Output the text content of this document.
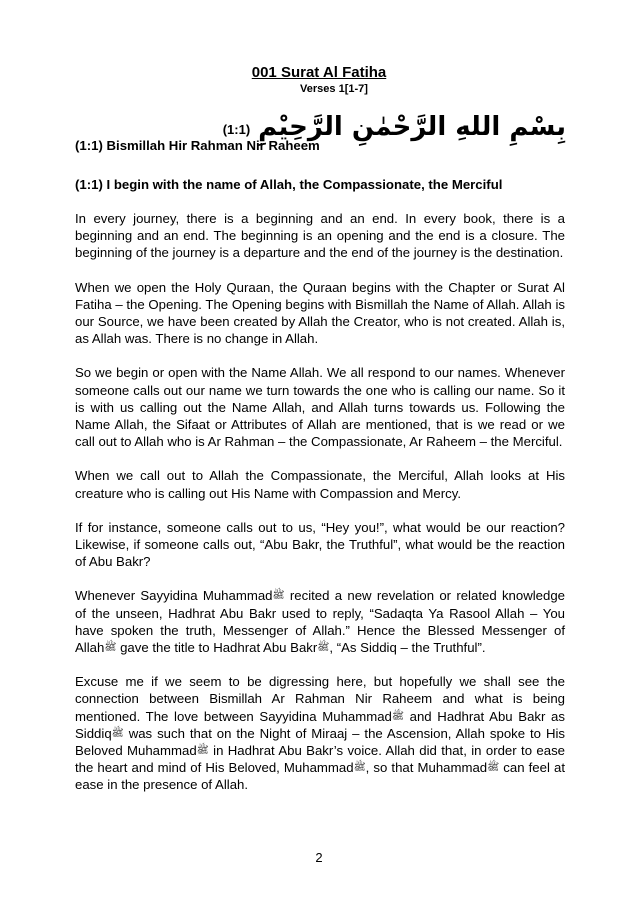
001 Surat Al Fatiha
Verses 1[1-7]
(1:1) بِسْمِ اللهِ الرَّحْمٰنِ الرَّحِيْمِ

(1:1) Bismillah Hir Rahman Nir Raheem

(1:1) I begin with the name of Allah, the Compassionate, the Merciful

In every journey, there is a beginning and an end. In every book, there is a beginning and an end. The beginning is an opening and the end is a closure. The beginning of the journey is a departure and the end of the journey is the destination.

When we open the Holy Quraan, the Quraan begins with the Chapter or Surat Al Fatiha – the Opening. The Opening begins with Bismillah the Name of Allah. Allah is our Source, we have been created by Allah the Creator, who is not created. Allah is, as Allah was. There is no change in Allah.

So we begin or open with the Name Allah. We all respond to our names. Whenever someone calls out our name we turn towards the one who is calling our name. So it is with us calling out the Name Allah, and Allah turns towards us. Following the Name Allah, the Sifaat or Attributes of Allah are mentioned, that is we read or we call out to Allah who is Ar Rahman – the Compassionate, Ar Raheem – the Merciful.

When we call out to Allah the Compassionate, the Merciful, Allah looks at His creature who is calling out His Name with Compassion and Mercy.

If for instance, someone calls out to us, “Hey you!”, what would be our reaction? Likewise, if someone calls out, “Abu Bakr, the Truthful”, what would be the reaction of Abu Bakr?

Whenever Sayyidina Muhammadﷺ recited a new revelation or related knowledge of the unseen, Hadhrat Abu Bakr used to reply, “Sadaqta Ya Rasool Allah – You have spoken the truth, Messenger of Allah.” Hence the Blessed Messenger of Allahﷺ gave the title to Hadhrat Abu Bakrﷺ, “As Siddiq – the Truthful”.

Excuse me if we seem to be digressing here, but hopefully we shall see the connection between Bismillah Ar Rahman Nir Raheem and what is being mentioned. The love between Sayyidina Muhammadﷺ and Hadhrat Abu Bakr as Siddiqﷺ was such that on the Night of Miraaj – the Ascension, Allah spoke to His Beloved Muhammadﷺ in Hadhrat Abu Bakr’s voice. Allah did that, in order to ease the heart and mind of His Beloved, Muhammadﷺ, so that Muhammadﷺ can feel at ease in the presence of Allah.

2
